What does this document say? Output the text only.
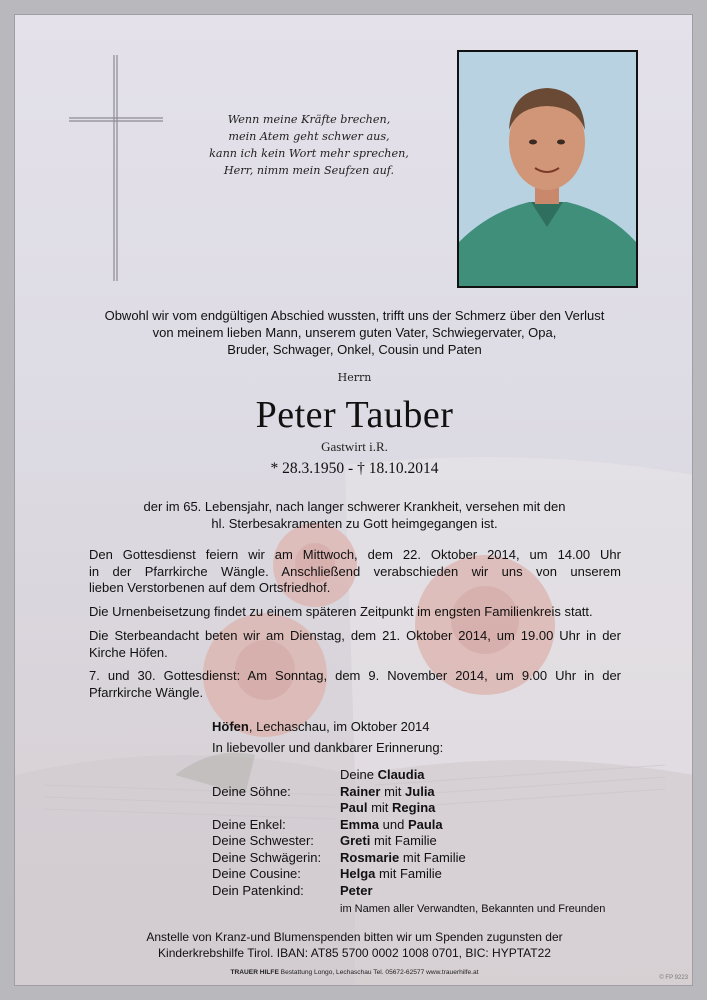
Wenn meine Kräfte brechen,
mein Atem geht schwer aus,
kann ich kein Wort mehr sprechen,
Herr, nimm mein Seufzen auf.
Obwohl wir vom endgültigen Abschied wussten, trifft uns der Schmerz über den Verlust
von meinem lieben Mann, unserem guten Vater, Schwiegervater, Opa,
Bruder, Schwager, Onkel, Cousin und Paten
Herrn
Peter Tauber
Gastwirt i.R.
* 28.3.1950 - † 18.10.2014
der im 65. Lebensjahr, nach langer schwerer Krankheit, versehen mit den
hl. Sterbesakramenten zu Gott heimgegangen ist.
Den Gottesdienst feiern wir am Mittwoch, dem 22. Oktober 2014, um 14.00 Uhr
in der Pfarrkirche Wängle. Anschließend verabschieden wir uns von unserem
lieben Verstorbenen auf dem Ortsfriedhof.
Die Urnenbeisetzung findet zu einem späteren Zeitpunkt im engsten Familienkreis statt.
Die Sterbeandacht beten wir am Dienstag, dem 21. Oktober 2014, um 19.00 Uhr in der
Kirche Höfen.
7. und 30. Gottesdienst: Am Sonntag, dem 9. November 2014, um 9.00 Uhr in der
Pfarrkirche Wängle.
Höfen, Lechaschau, im Oktober 2014
In liebevoller und dankbarer Erinnerung:
Deine Claudia
Deine Söhne:	Rainer mit Julia
Paul mit Regina
Deine Enkel:	Emma und Paula
Deine Schwester: Greti mit Familie
Deine Schwägerin: Rosmarie mit Familie
Deine Cousine:	Helga mit Familie
Dein Patenkind:	Peter
im Namen aller Verwandten, Bekannten und Freunden
Anstelle von Kranz-und Blumenspenden bitten wir um Spenden zugunsten der
Kinderkrebshilfe Tirol. IBAN: AT85 5700 0002 1008 0701, BIC: HYPTAT22
TRAUER HILFE Bestattung Longo, Lechaschau Tel. 05672-62577 www.trauerhilfe.at
© FP 9223
